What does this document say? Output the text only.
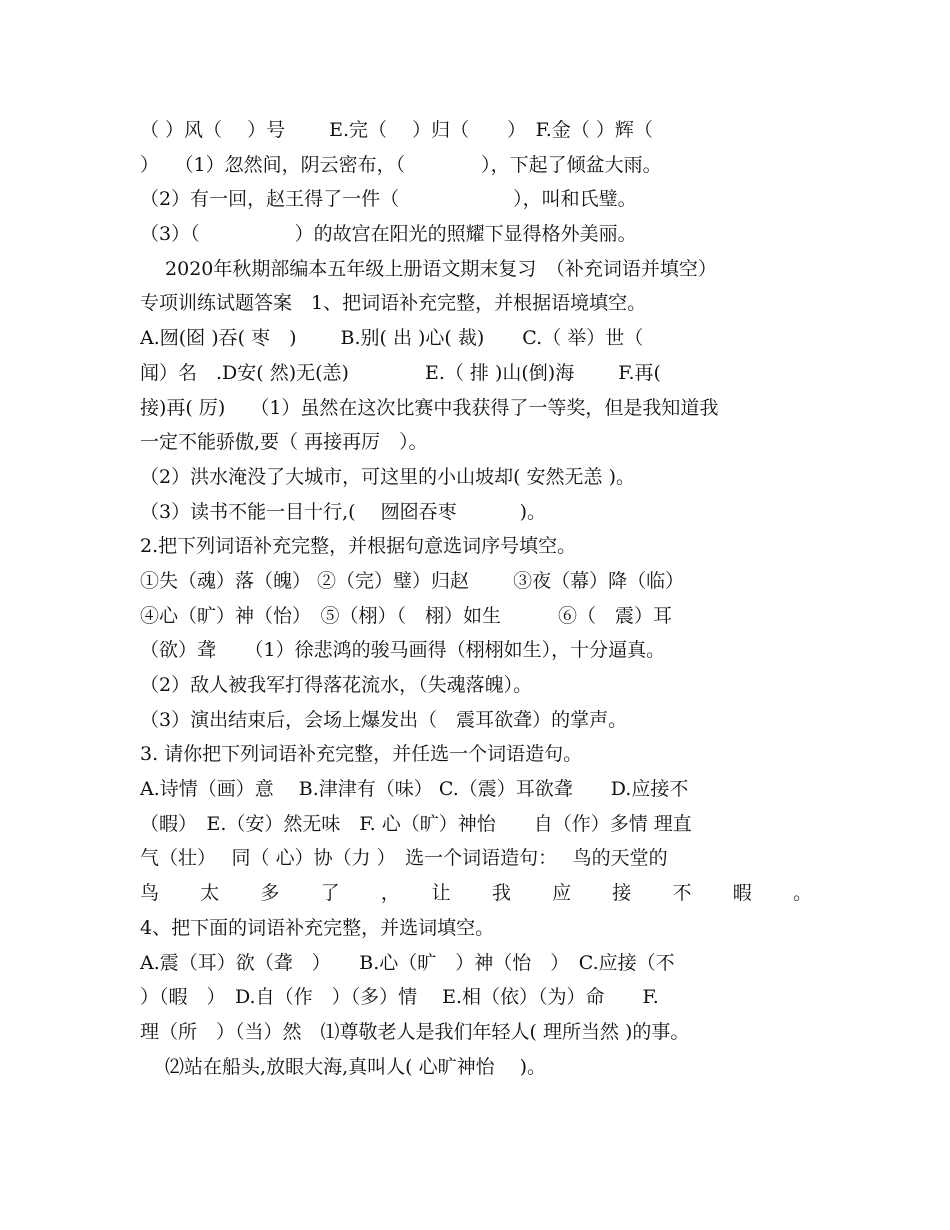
（ ）风（　 ）号　　 E.完（　 ）归（　　）　F.金（ ）辉（
）　 （1）忽然间，阴云密布，（　　　　），下起了倾盆大雨。
（2）有一回，赵王得了一件（　　　　　　），叫和氏璧。
（3）（　　　　　）的故宫在阳光的照耀下显得格外美丽。
　 2020年秋期部编本五年级上册语文期末复习　（补充词语并填空）
专项训练试题答案　1、把词语补充完整，并根据语境填空。
A.囫(囵 )吞( 枣　)　　 B.别( 出 )心( 裁)　　C.（ 举）世（
闻）名　.D安( 然)无(恙)　　　　E.（ 排 )山(倒)海　　 F.再(
接)再( 厉)　 （1）虽然在这次比赛中我获得了一等奖，但是我知道我
一定不能骄傲,要（ 再接再厉　）。
（2）洪水淹没了大城市，可这里的小山坡却( 安然无恙 )。
（3）读书不能一目十行,(　 囫囵吞枣　　　 )。
2.把下列词语补充完整，并根据句意选词序号填空。
①失（魂）落（魄） ②（完）璧）归赵　　 ③夜（幕）降（临）
④心（旷）神（怡）　⑤（栩）（　栩）如生　　　⑥（　震）耳
（欲）聋　　（1）徐悲鸿的骏马画得（栩栩如生），十分逼真。
（2）敌人被我军打得落花流水，（失魂落魄）。
（3）演出结束后，会场上爆发出（　震耳欲聋）的掌声。
3. 请你把下列词语补充完整，并任选一个词语造句。
A.诗情（画）意　 B.津津有（味） C.（震）耳欲聋　　D.应接不
（暇）　E.（安）然无味　F. 心（旷）神怡　　自（作）多情 理直
气（壮）　 同（ 心）协（力 ）　选一个词语造句：　 鸟的天堂的
鸟　　太　　多　　了　　，　　让　　我　　应　　接　　不　　暇　　。
4、把下面的词语补充完整，并选词填空。
A.震（耳）欲（聋　）　　B.心（旷　）神（怡　）　C.应接（不
）（暇　）　D.自（作　）（多）情　 E.相（依）（为）命　　F.
理（所　）（当）然　⑴尊敬老人是我们年轻人( 理所当然 )的事。
　 ⑵站在船头,放眼大海,真叫人( 心旷神怡　 )。
